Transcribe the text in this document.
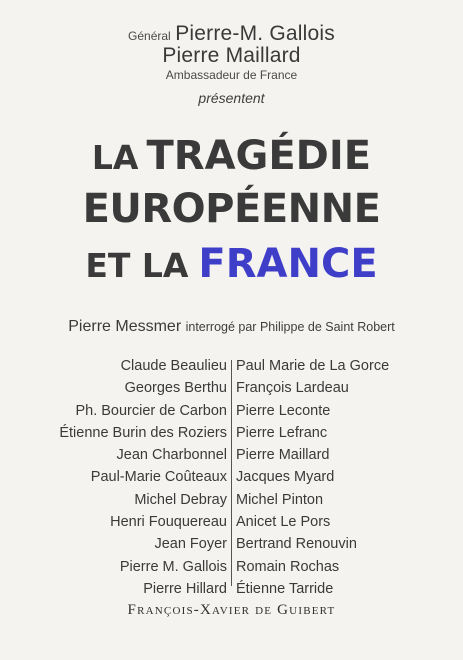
Général Pierre-M. Gallois
Pierre Maillard
Ambassadeur de France
présentent
LA TRAGÉDIE
EUROPÉENNE
ET LA FRANCE
Pierre Messmer interrogé par Philippe de Saint Robert
Claude Beaulieu
Georges Berthu
Ph. Bourcier de Carbon
Étienne Burin des Roziers
Jean Charbonnel
Paul-Marie Coûteaux
Michel Debray
Henri Fouquereau
Jean Foyer
Pierre M. Gallois
Pierre Hillard
Paul Marie de La Gorce
François Lardeau
Pierre Leconte
Pierre Lefranc
Pierre Maillard
Jacques Myard
Michel Pinton
Anicet Le Pors
Bertrand Renouvin
Romain Rochas
Étienne Tarride
François-Xavier de Guibert
